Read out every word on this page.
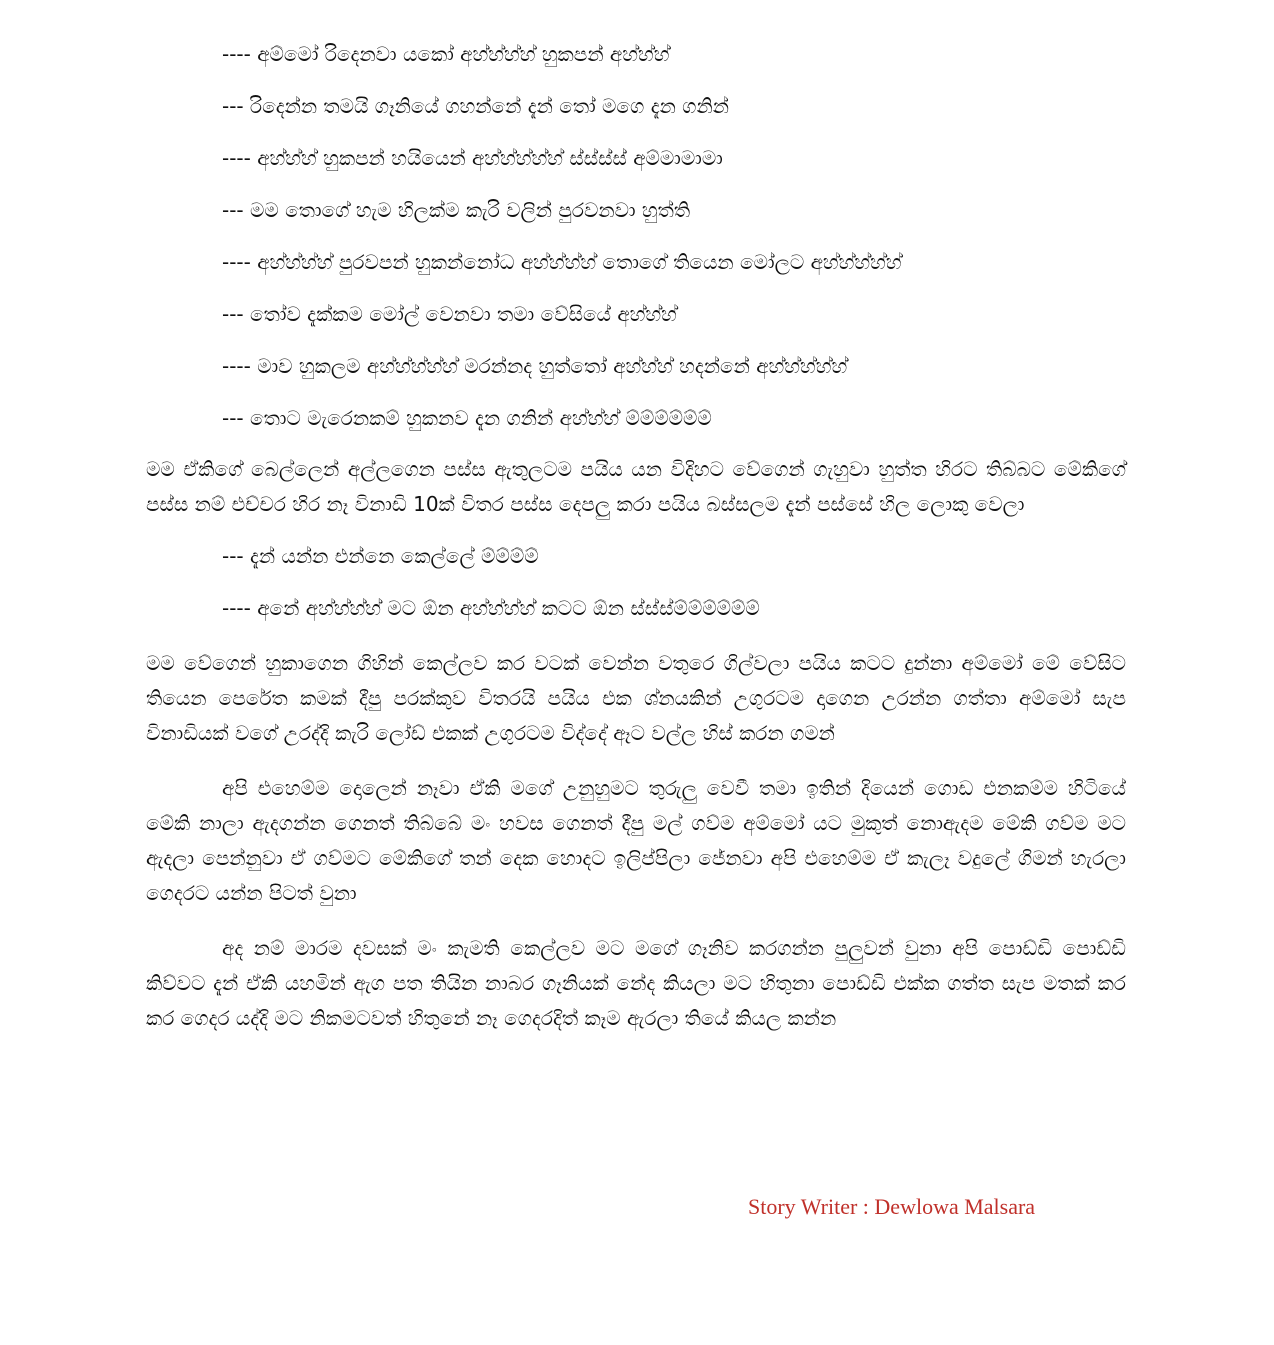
---- අම්මෝ රිදෙනවා යකෝ අහ්හ්හ්හ් හුකපන් අහ්හ්හ්
--- රිදෙන්න තමයි ගෑනියේ ගහන්නේ දැන් තෝ මගෙ දැන ගනින්
---- අහ්හ්හ් හුකපන් හයියෙන් අහ්හ්හ්හ්හ් ස්ස්ස්ස් අම්මාමාමා
--- මම තොගේ හැම හිලක්ම කැරි වලින් පුරවනවා හුත්ති
---- අහ්හ්හ්හ් පුරවපන් හුකන්නෝධ අහ්හ්හ්හ් තොගේ තියෙන මෝලට අහ්හ්හ්හ්හ්
--- තෝව දැක්කම මෝල් වෙනවා තමා වේසියේ අහ්හ්හ්
---- මාව හුකලම අහ්හ්හ්හ්හ් මරන්නද හුත්තෝ අහ්හ්හ් හදන්නේ අහ්හ්හ්හ්හ්
--- තොට මැරෙනකම් හුකනව දැන ගනින් අහ්හ්හ් ම්ම්ම්ම්ම්ම්

මම ඒකිගේ බෙල්ලෙන් අල්ලගෙන පස්ස ඇතුලටම පයිය යන විදිහට වේගෙන් ගැහුවා හුත්ත හිරට තිබ්බට මේකිගේ පස්ස නම් එච්චර හිර නෑ විනාඩි 10ක් විතර පස්ස දෙපලු කරා පයිය බස්සලම දැන් පස්සේ හිල ලොකු වෙලා

--- දැන් යන්න එන්නෙ කෙල්ලේ ම්ම්ම්ම්
---- අනේ අහ්හ්හ්හ් මට ඕන අහ්හ්හ්හ් කටට ඕන ස්ස්ස්ම්ම්ම්ම්ම්ම්

මම වේගෙන් හුකාගෙන ගිහින් කෙල්ලව කර වටක් වෙන්න වතුරෙ ගිල්වලා පයිය කටට දුන්නා අම්මෝ මේ වේසිට තියෙන පෙරේත කමක් දීපු පරක්කුව විතරයි පයිය එක ශ්නයකින් උගුරටම දාගෙන උරන්න ගත්තා අම්මෝ සැප විනාඩියක් වගේ උරද්දි කැරි ලෝඩ් එකක් උගුරටම විද්දේ ඈට වල්ල හිස් කරන ගමන්

අපි එහෙම්ම දොලෙන් නෑවා ඒකි මගේ උනුහුමට තුරුලු වෙවී තමා ඉතින් දියෙන් ගොඩ එනකම්ම හිටියේ මේකි නාලා ඇදගන්න ගෙනත් තිබ්බේ මං හවස ගෙනත් දීපු මල් ගව්ම අම්මෝ යට මුකුත් නොඇදම මේකි ගව්ම මට ඇදලා පෙන්නුවා ඒ ගව්මට මේකිගේ තන් දෙක හොදට ඉලිප්පිලා ජේනවා අපි එහෙම්ම ඒ කැලෑ වදුලේ ගිමන් හැරලා ගෙදරට යන්න පිටත් වුනා

අද නම් මාරම දවසක් මං කැමති කෙල්ලව මට මගේ ගෑනිව කරගන්න පුලුවන් වුනා අපි පොඩ්ඩි පොඩ්ඩි කිව්වට දැන් ඒකි යහමින් ඇග පත තියින නාබර ගෑනියක් නේද කියලා මට හිතුනා පොඩ්ඩි එක්ක ගත්ත සැප මතක් කර කර ගෙදර යද්දි මට නිකමටවත් හිතුනේ නෑ ගෙදරදිත් කෑම ඇරලා තියේ කියල කන්න

Story Writer : Dewlowa Malsara
